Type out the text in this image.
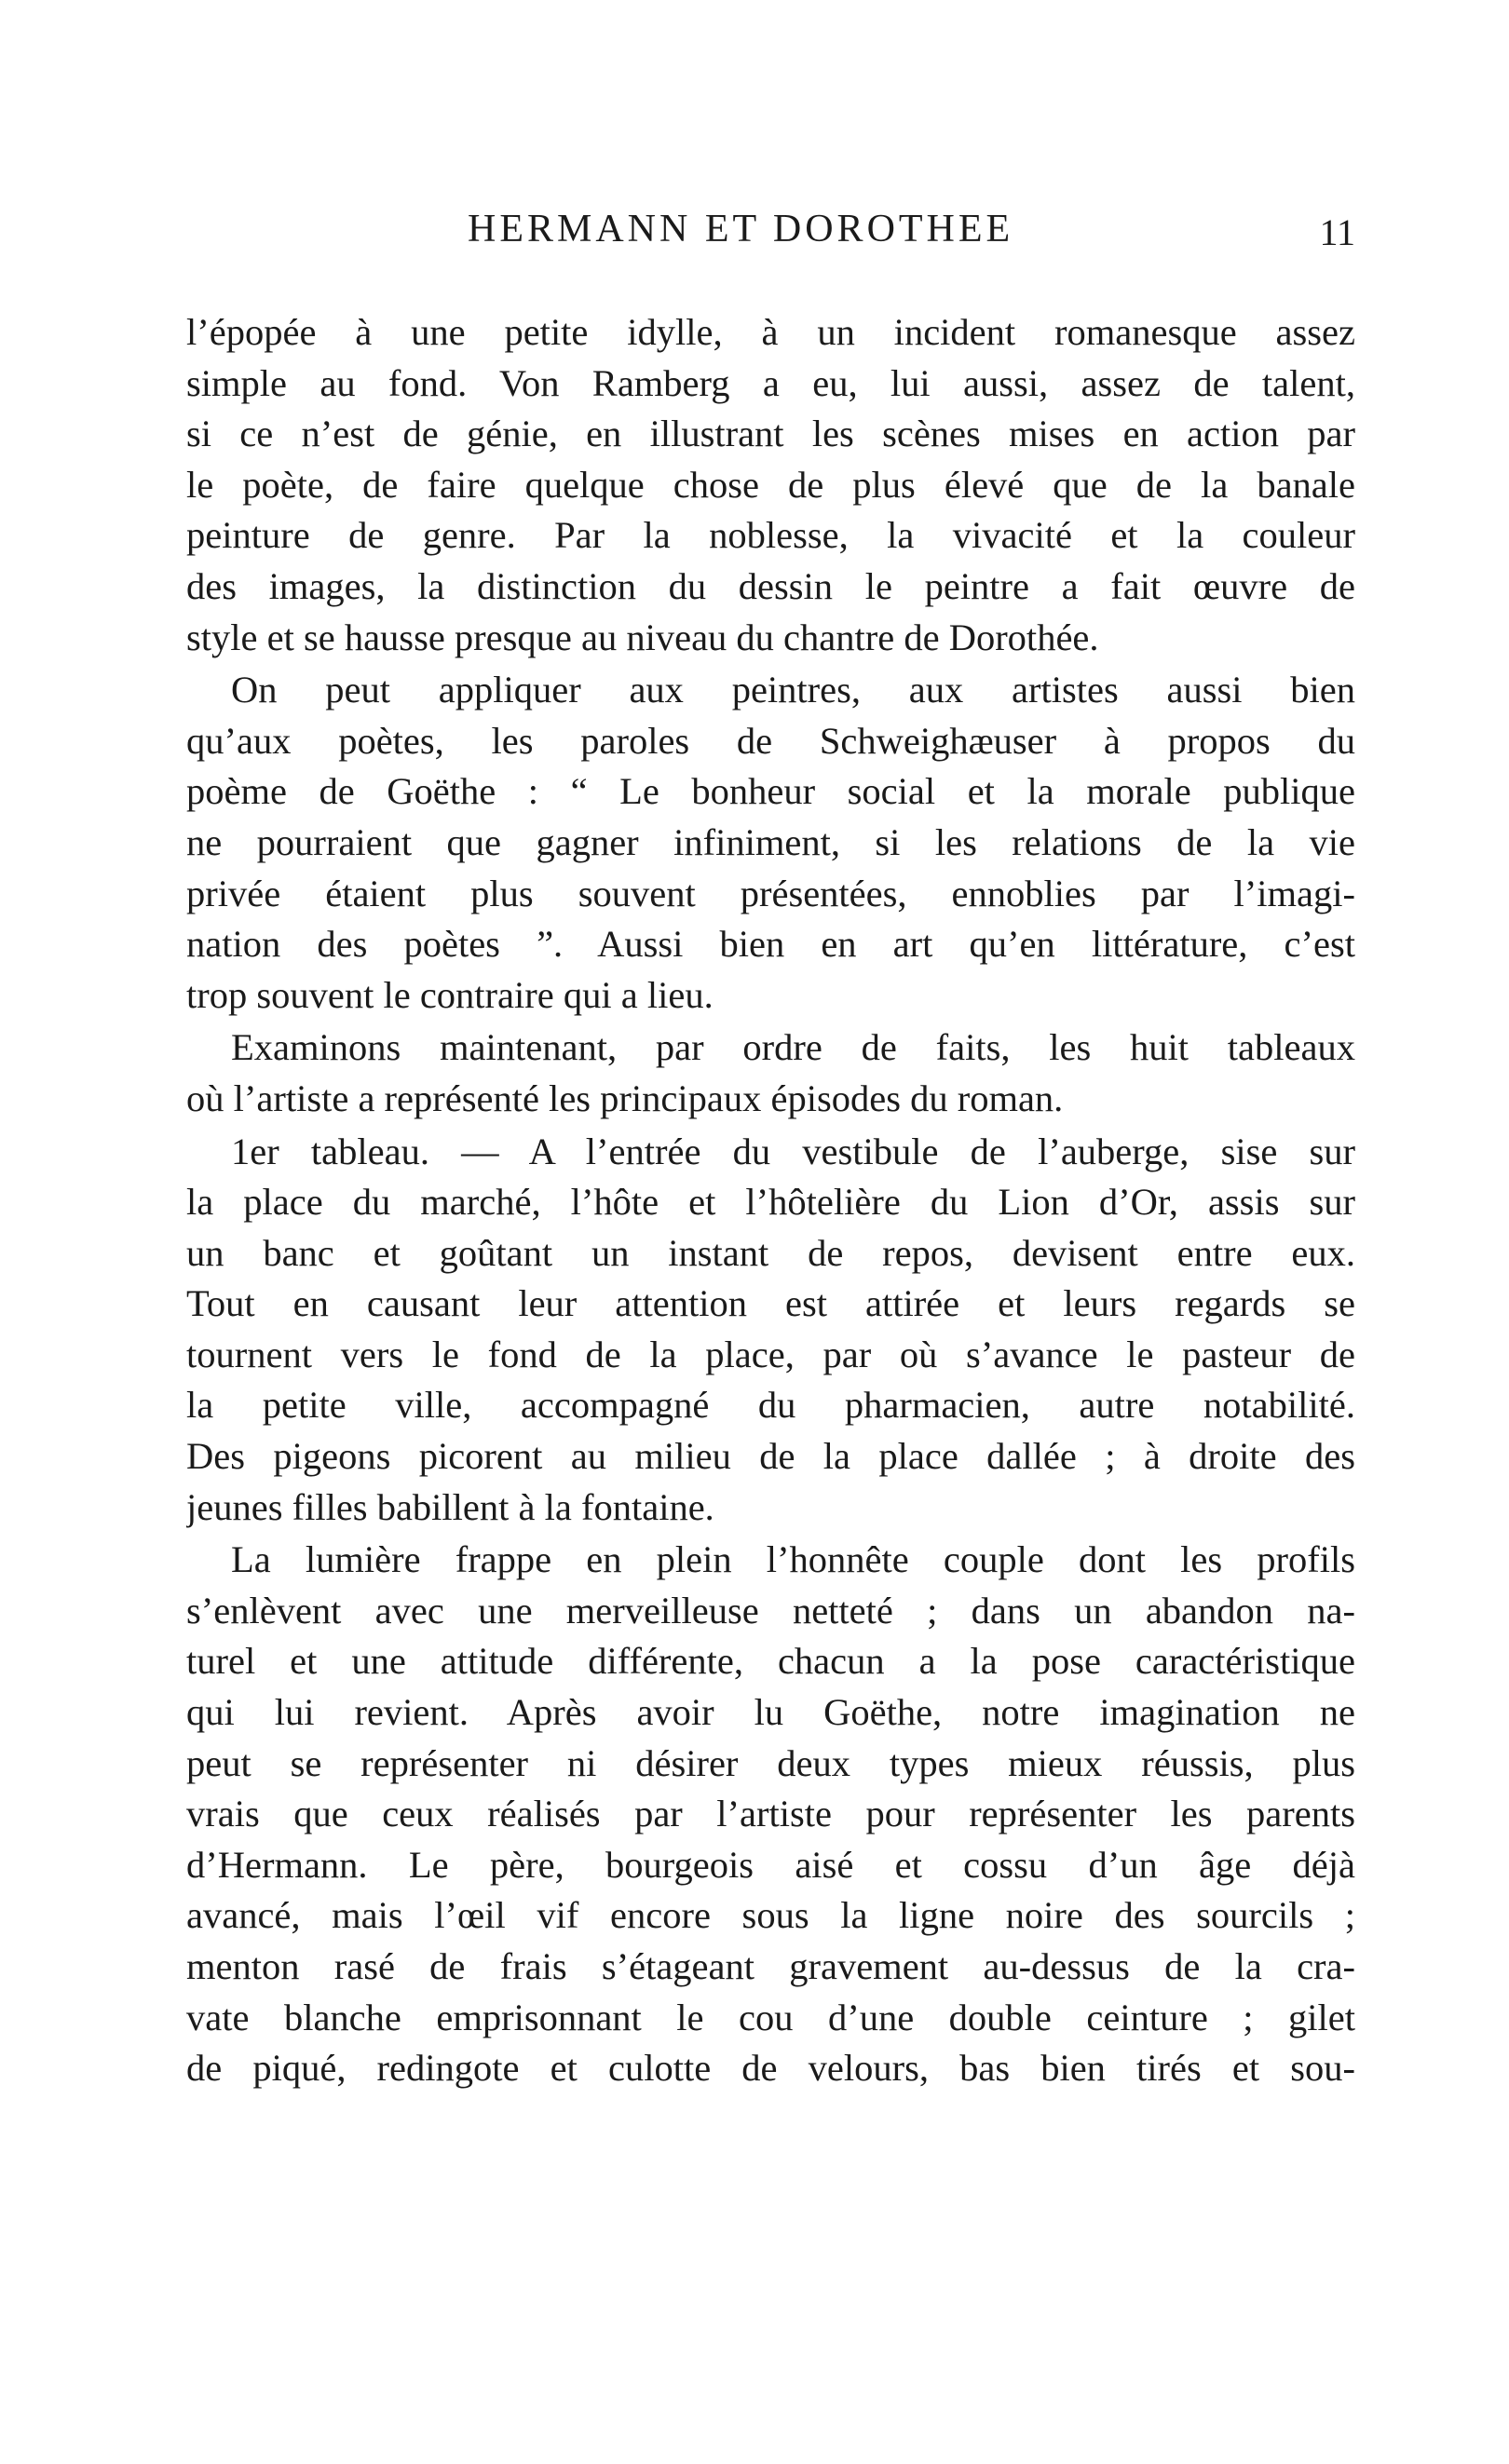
HERMANN ET DOROTHEE	11
l’épopée à une petite idylle, à un incident romanesque assez
simple au fond. Von Ramberg a eu, lui aussi, assez de talent,
si ce n’est de génie, en illustrant les scènes mises en action par
le poète, de faire quelque chose de plus élevé que de la banale
peinture de genre. Par la noblesse, la vivacité et la couleur
des images, la distinction du dessin le peintre a fait œuvre de
style et se hausse presque au niveau du chantre de Dorothée.
On peut appliquer aux peintres, aux artistes aussi bien
qu’aux poètes, les paroles de Schweighæuser à propos du
poème de Goëthe : “ Le bonheur social et la morale publique
ne pourraient que gagner infiniment, si les relations de la vie
privée étaient plus souvent présentées, ennoblies par l’imagi-
nation des poètes ”. Aussi bien en art qu’en littérature, c’est
trop souvent le contraire qui a lieu.
Examinons maintenant, par ordre de faits, les huit tableaux
où l’artiste a représenté les principaux épisodes du roman.
1er tableau. — A l’entrée du vestibule de l’auberge, sise sur
la place du marché, l’hôte et l’hôtelière du Lion d’Or, assis sur
un banc et goûtant un instant de repos, devisent entre eux.
Tout en causant leur attention est attirée et leurs regards se
tournent vers le fond de la place, par où s’avance le pasteur de
la petite ville, accompagné du pharmacien, autre notabilité.
Des pigeons picorent au milieu de la place dallée ; à droite des
jeunes filles babillent à la fontaine.
La lumière frappe en plein l’honnête couple dont les profils
s’enlèvent avec une merveilleuse netteté ; dans un abandon na-
turel et une attitude différente, chacun a la pose caractéristique
qui lui revient. Après avoir lu Goëthe, notre imagination ne
peut se représenter ni désirer deux types mieux réussis, plus
vrais que ceux réalisés par l’artiste pour représenter les parents
d’Hermann. Le père, bourgeois aisé et cossu d’un âge déjà
avancé, mais l’œil vif encore sous la ligne noire des sourcils ;
menton rasé de frais s’étageant gravement au-dessus de la cra-
vate blanche emprisonnant le cou d’une double ceinture ; gilet
de piqué, redingote et culotte de velours, bas bien tirés et sou-
